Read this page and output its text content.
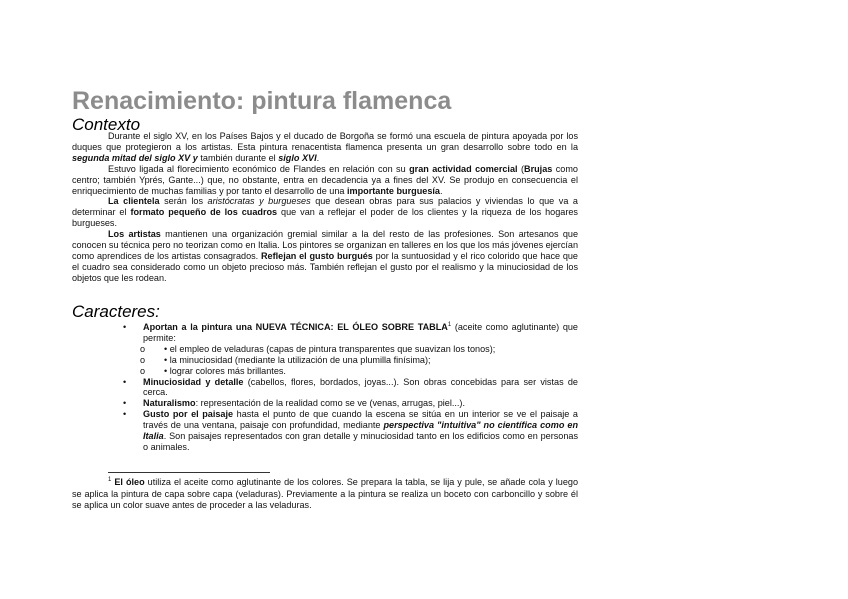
Renacimiento: pintura flamenca
Contexto

Durante el siglo XV, en los Países Bajos y el ducado de Borgoña se formó una escuela de pintura apoyada por los duques que protegieron a los artistas. Esta pintura renacentista flamenca presenta un gran desarrollo sobre todo en la segunda mitad del siglo XV y también durante el siglo XVI.

Estuvo ligada al florecimiento económico de Flandes en relación con su gran actividad comercial (Brujas como centro; también Yprés, Gante...) que, no obstante, entra en decadencia ya a fines del XV. Se produjo en consecuencia el enriquecimiento de muchas familias y por tanto el desarrollo de una importante burguesía.

La clientela serán los aristócratas y burgueses que desean obras para sus palacios y viviendas lo que va a determinar el formato pequeño de los cuadros que van a reflejar el poder de los clientes y la riqueza de los hogares burgueses.

Los artistas mantienen una organización gremial similar a la del resto de las profesiones. Son artesanos que conocen su técnica pero no teorizan como en Italia. Los pintores se organizan en talleres en los que los más jóvenes ejercían como aprendices de los artistas consagrados. Reflejan el gusto burgués por la suntuosidad y el rico colorido que hace que el cuadro sea considerado como un objeto precioso más. También reflejan el gusto por el realismo y la minuciosidad de los objetos que les rodean.

Caracteres:
• Aportan a la pintura una NUEVA TÉCNICA: EL ÓLEO SOBRE TABLA$^1$ (aceite como aglutinante) que permite:
o • el empleo de veladuras (capas de pintura transparentes que suavizan los tonos);
o • la minuciosidad (mediante la utilización de una plumilla finísima);
o • lograr colores más brillantes.
• Minuciosidad y detalle (cabellos, flores, bordados, joyas...). Son obras concebidas para ser vistas de cerca.
• Naturalismo: representación de la realidad como se ve (venas, arrugas, piel...).
• Gusto por el paisaje hasta el punto de que cuando la escena se sitúa en un interior se ve el paisaje a través de una ventana, paisaje con profundidad, mediante perspectiva "intuitiva" no científica como en Italia. Son paisajes representados con gran detalle y minuciosidad tanto en los edificios como en personas o animales.

$^1$ El óleo utiliza el aceite como aglutinante de los colores. Se prepara la tabla, se lija y pule, se añade cola y luego se aplica la pintura de capa sobre capa (veladuras). Previamente a la pintura se realiza un boceto con carboncillo y sobre él se aplica un color suave antes de proceder a las veladuras.
